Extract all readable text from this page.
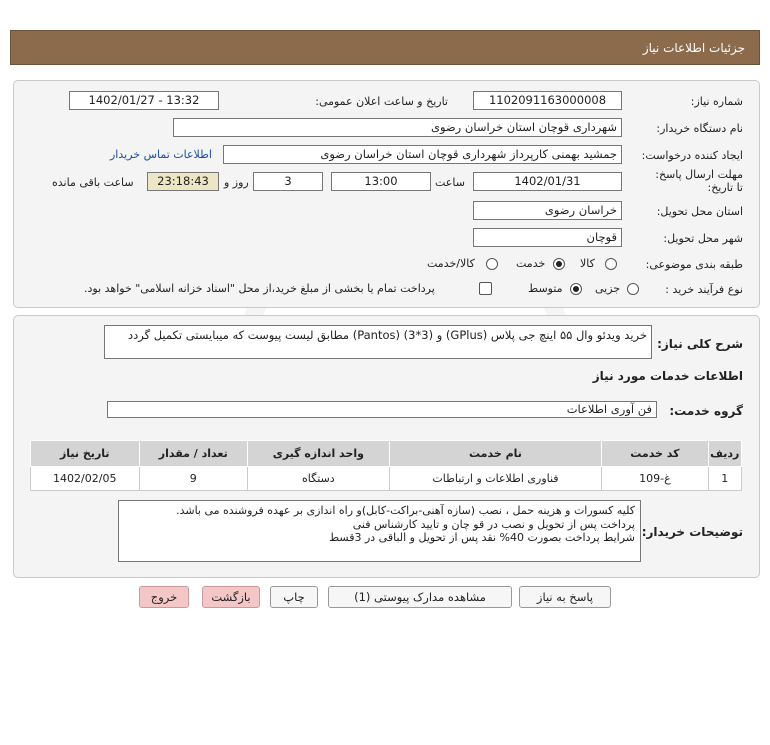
جزئیات اطلاعات نیاز
شماره نیاز:
1102091163000008
تاریخ و ساعت اعلان عمومی:
1402/01/27 - 13:32
نام دستگاه خریدار:
شهرداری قوچان استان خراسان رضوی
ایجاد کننده درخواست:
جمشید بهمنی کارپرداز شهرداری قوچان استان خراسان رضوی
اطلاعات تماس خریدار
مهلت ارسال پاسخ: تا تاریخ:
1402/01/31
ساعت
13:00
3
روز و
23:18:43
ساعت باقی مانده
استان محل تحویل:
خراسان رضوی
شهر محل تحویل:
قوچان
طبقه بندی موضوعی:
کالا
خدمت
کالا/خدمت
نوع فرآیند خرید :
جزیی
متوسط
پرداخت تمام یا بخشی از مبلغ خرید،از محل "اسناد خزانه اسلامی" خواهد بود.
شرح کلی نیاز:
خرید ویدئو وال ۵۵ اینچ جی پلاس (GPlus) و (3*3) (Pantos) مطابق لیست پیوست که میبایستی تکمیل گردد
اطلاعات خدمات مورد نیاز
گروه خدمت:
فن آوری اطلاعات
ردیف	کد خدمت	نام خدمت	واحد اندازه گیری	تعداد / مقدار	تاریخ نیاز
1	غ-109	فناوری اطلاعات و ارتباطات	دستگاه	9	1402/02/05
توضیحات خریدار:
کلیه کسورات و هزینه حمل ، نصب (سازه آهنی-براکت-کابل)و راه اندازی بر عهده فروشنده می باشد.
پرداخت پس از تحویل و نصب در قو چان و تایید کارشناس فنی
شرایط پرداخت بصورت 40% نقد پس از تحویل و الباقی در 3قسط
پاسخ به نیاز
مشاهده مدارک پیوستی (1)
چاپ
بازگشت
خروج
